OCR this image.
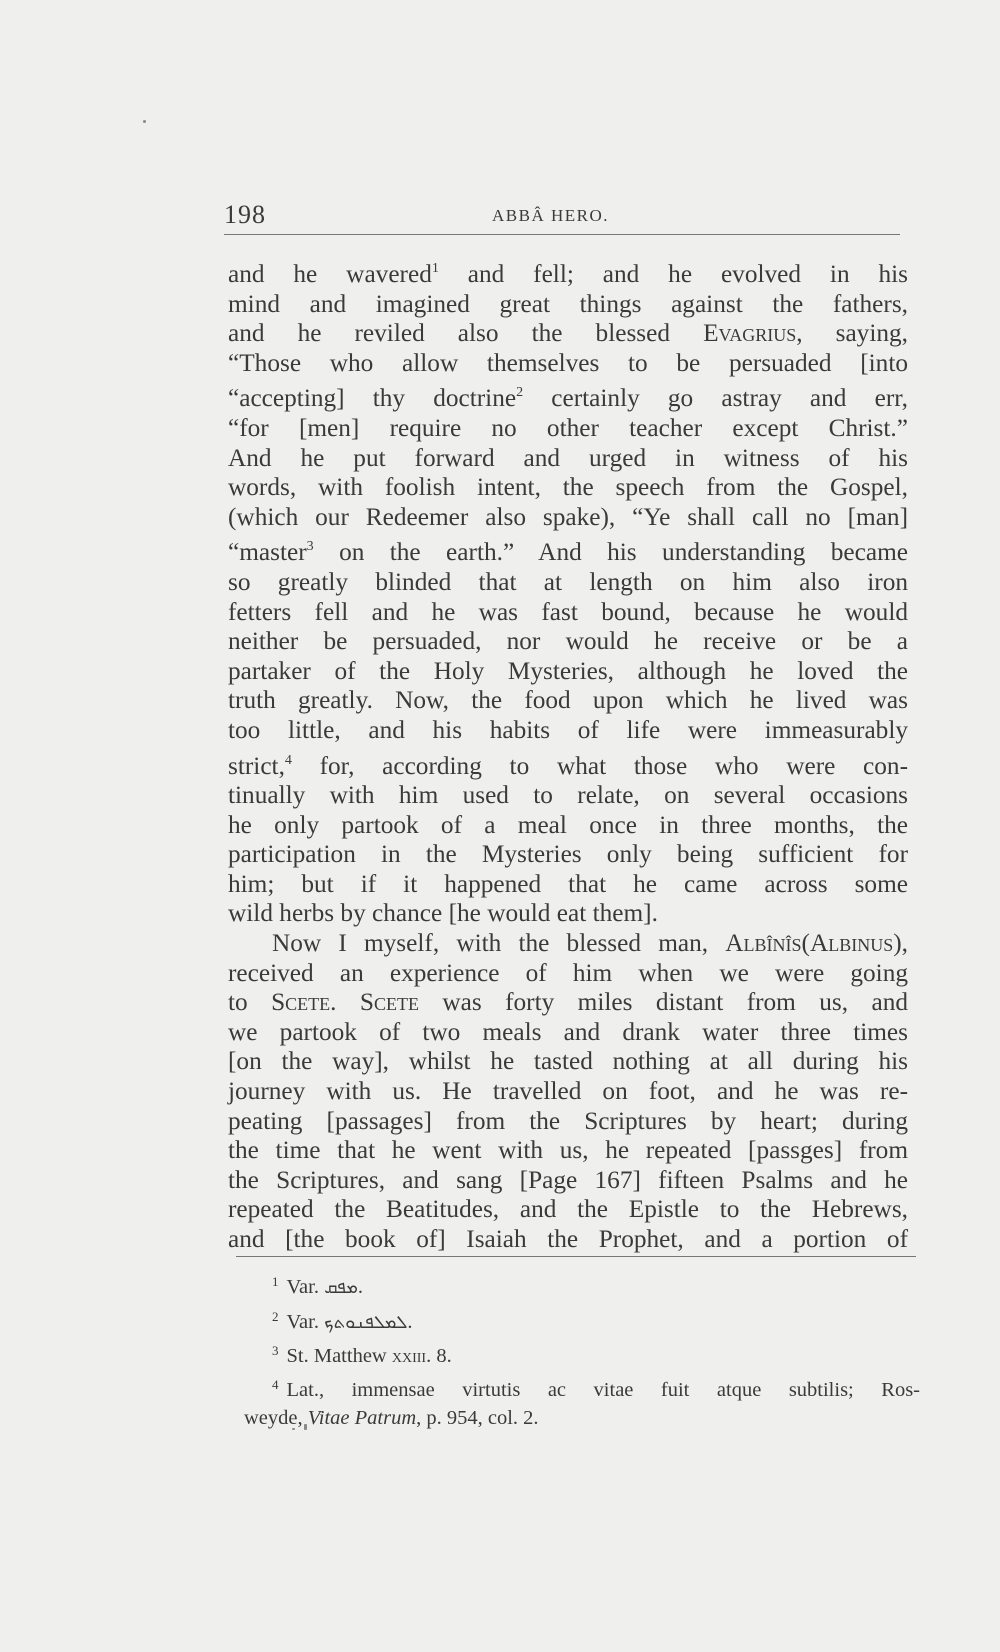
198	ABBÂ HERO.
and he wavered$^1$ and fell; and he evolved in his
mind and imagined great things against the fathers,
and he reviled also the blessed Evagrius, saying,
“Those who allow themselves to be persuaded [into
“accepting] thy doctrine$^2$ certainly go astray and err,
“for [men] require no other teacher except Christ.”
And he put forward and urged in witness of his
words, with foolish intent, the speech from the Gospel,
(which our Redeemer also spake), “Ye shall call no [man]
“master$^3$ on the earth.” And his understanding became
so greatly blinded that at length on him also iron
fetters fell and he was fast bound, because he would
neither be persuaded, nor would he receive or be a
partaker of the Holy Mysteries, although he loved the
truth greatly. Now, the food upon which he lived was
too little, and his habits of life were immeasurably
strict,$^4$ for, according to what those who were con-
tinually with him used to relate, on several occasions
he only partook of a meal once in three months, the
participation in the Mysteries only being sufficient for
him; but if it happened that he came across some
wild herbs by chance [he would eat them].
Now I myself, with the blessed man, Albînîs(Albinus),
received an experience of him when we were going
to Scete. Scete was forty miles distant from us, and
we partook of two meals and drank water three times
[on the way], whilst he tasted nothing at all during his
journey with us. He travelled on foot, and he was re-
peating [passages] from the Scriptures by heart; during
the time that he went with us, he repeated [passges] from
the Scriptures, and sang [Page 167] fifteen Psalms and he
repeated the Beatitudes, and the Epistle to the Hebrews,
and [the book of] Isaiah the Prophet, and a portion of
$^1$ Var. ܡܦܩ.
$^2$ Var. ܠܡܠܦܢܘܬܟ.
$^3$ St. Matthew xxiii. 8.
$^4$ Lat., immensae virtutis ac vitae fuit atque subtilis; Ros-
weyde, Vitae Patrum, p. 954, col. 2.
